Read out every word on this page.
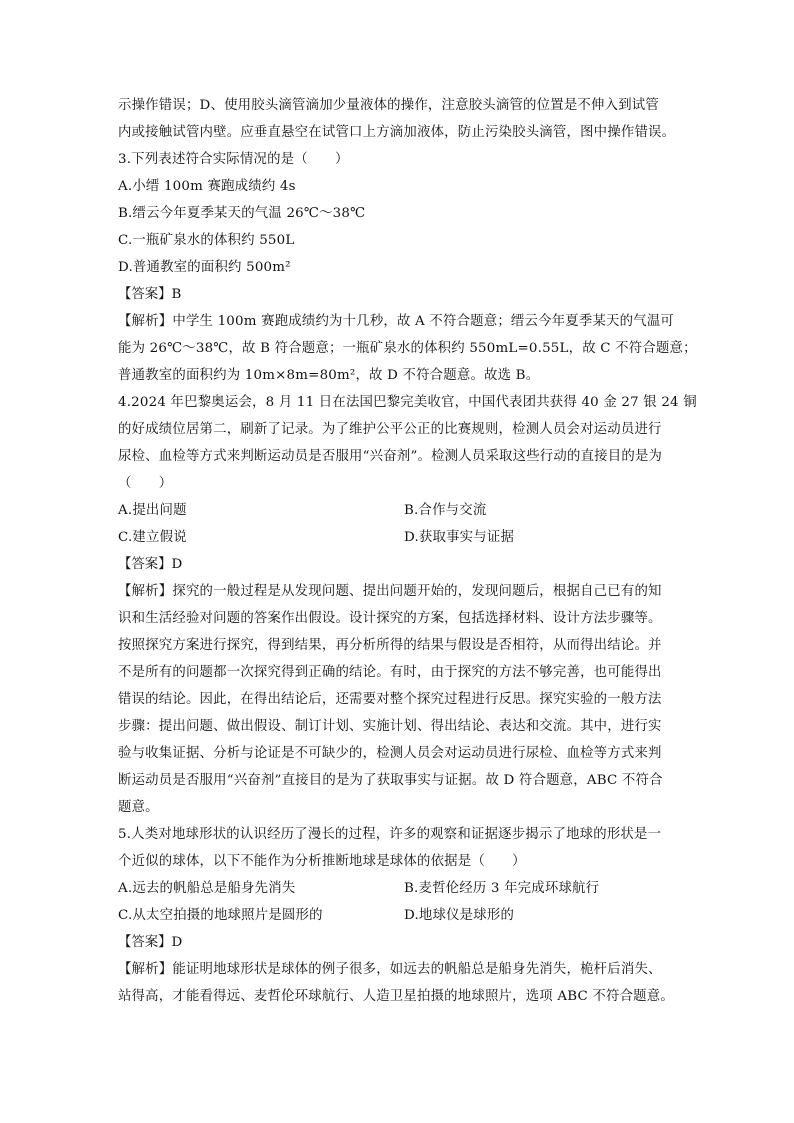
示操作错误；D、使用胶头滴管滴加少量液体的操作，注意胶头滴管的位置是不伸入到试管
内或接触试管内壁。应垂直悬空在试管口上方滴加液体，防止污染胶头滴管，图中操作错误。
3.下列表述符合实际情况的是（　　）
A.小缙 100m 赛跑成绩约 4s
B.缙云今年夏季某天的气温 26℃～38℃
C.一瓶矿泉水的体积约 550L
D.普通教室的面积约 500m²
【答案】B
【解析】中学生 100m 赛跑成绩约为十几秒，故 A 不符合题意；缙云今年夏季某天的气温可
能为 26℃～38℃，故 B 符合题意；一瓶矿泉水的体积约 550mL=0.55L，故 C 不符合题意；
普通教室的面积约为 10m×8m=80m²，故 D 不符合题意。故选 B。
4.2024 年巴黎奥运会，8 月 11 日在法国巴黎完美收官，中国代表团共获得 40 金 27 银 24 铜
的好成绩位居第二，刷新了记录。为了维护公平公正的比赛规则，检测人员会对运动员进行
尿检、血检等方式来判断运动员是否服用“兴奋剂”。检测人员采取这些行动的直接目的是为
（　　）
A.提出问题	B.合作与交流
C.建立假说	D.获取事实与证据
【答案】D
【解析】探究的一般过程是从发现问题、提出问题开始的，发现问题后，根据自己已有的知
识和生活经验对问题的答案作出假设。设计探究的方案，包括选择材料、设计方法步骤等。
按照探究方案进行探究，得到结果，再分析所得的结果与假设是否相符，从而得出结论。并
不是所有的问题都一次探究得到正确的结论。有时，由于探究的方法不够完善，也可能得出
错误的结论。因此，在得出结论后，还需要对整个探究过程进行反思。探究实验的一般方法
步骤：提出问题、做出假设、制订计划、实施计划、得出结论、表达和交流。其中，进行实
验与收集证据、分析与论证是不可缺少的，检测人员会对运动员进行尿检、血检等方式来判
断运动员是否服用“兴奋剂”直接目的是为了获取事实与证据。故 D 符合题意，ABC 不符合
题意。
5.人类对地球形状的认识经历了漫长的过程，许多的观察和证据逐步揭示了地球的形状是一
个近似的球体，以下不能作为分析推断地球是球体的依据是（　　）
A.远去的帆船总是船身先消失	B.麦哲伦经历 3 年完成环球航行
C.从太空拍摄的地球照片是圆形的	D.地球仪是球形的
【答案】D
【解析】能证明地球形状是球体的例子很多，如远去的帆船总是船身先消失，桅杆后消失、
站得高，才能看得远、麦哲伦环球航行、人造卫星拍摄的地球照片，选项 ABC 不符合题意。
